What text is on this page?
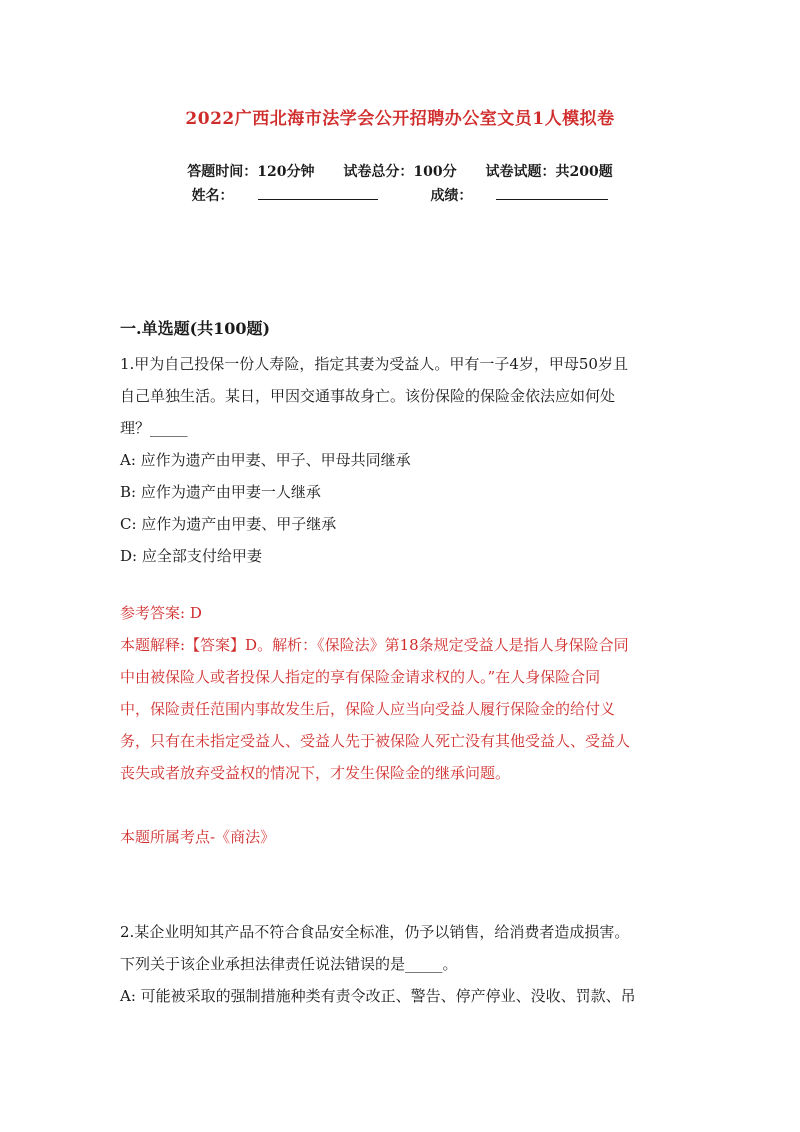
2022广西北海市法学会公开招聘办公室文员1人模拟卷
答题时间：120分钟 试卷总分：100分 试卷试题：共200题
姓名：	成绩：
一.单选题(共100题)

1.甲为自己投保一份人寿险，指定其妻为受益人。甲有一子4岁，甲母50岁且

自己单独生活。某日，甲因交通事故身亡。该份保险的保险金依法应如何处

理？_____

A: 应作为遗产由甲妻、甲子、甲母共同继承

B: 应作为遗产由甲妻一人继承

C: 应作为遗产由甲妻、甲子继承

D: 应全部支付给甲妻

参考答案: D

本题解释:【答案】D。解析：《保险法》第18条规定受益人是指人身保险合同

中由被保险人或者投保人指定的享有保险金请求权的人。”在人身保险合同

中，保险责任范围内事故发生后，保险人应当向受益人履行保险金的给付义

务，只有在未指定受益人、受益人先于被保险人死亡没有其他受益人、受益人

丧失或者放弃受益权的情况下，才发生保险金的继承问题。

本题所属考点-《商法》

2.某企业明知其产品不符合食品安全标准，仍予以销售，给消费者造成损害。

下列关于该企业承担法律责任说法错误的是_____。

A: 可能被采取的强制措施种类有责令改正、警告、停产停业、没收、罚款、吊
